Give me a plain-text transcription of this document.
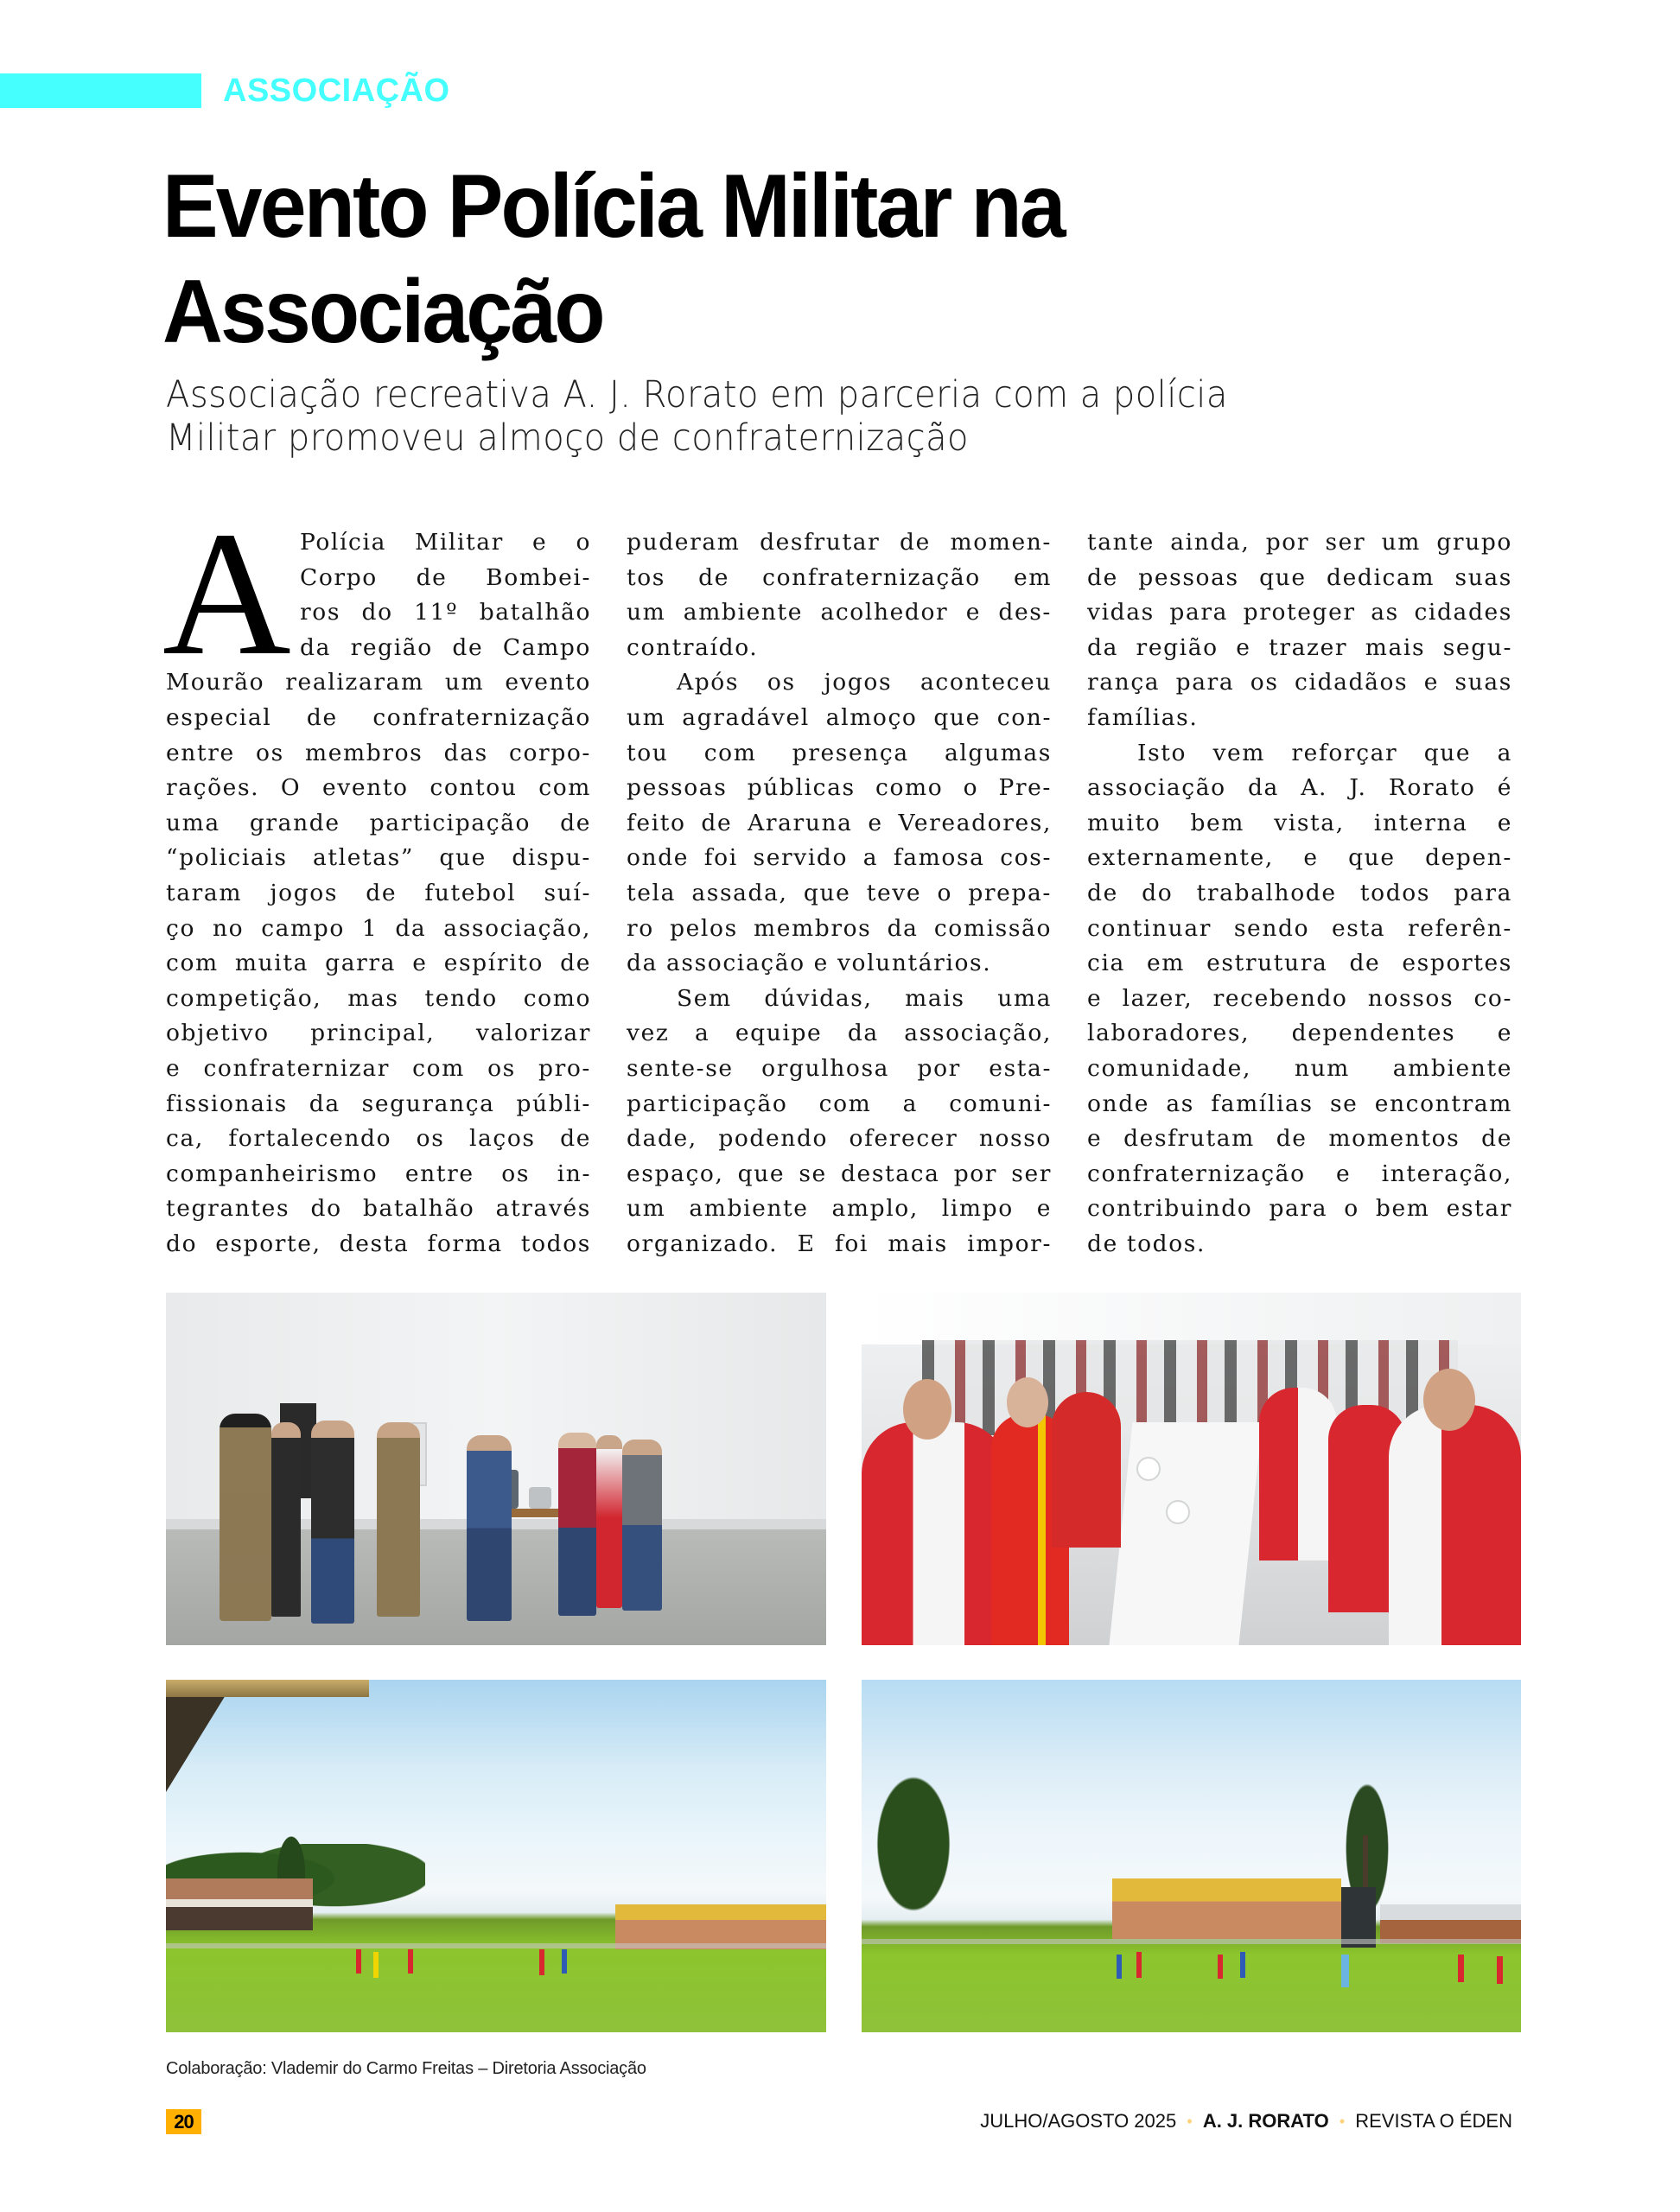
ASSOCIAÇÃO
Evento Polícia Militar na
Associação
Associação recreativa A. J. Rorato em parceria com a polícia
Militar promoveu almoço de confraternização
A Polícia Militar e o
Corpo de Bombei-
ros do 11º batalhão
da região de Campo
Mourão realizaram um evento
especial de confraternização
entre os membros das corpo-
rações. O evento contou com
uma grande participação de
“policiais atletas” que dispu-
taram jogos de futebol suí-
ço no campo 1 da associação,
com muita garra e espírito de
competição, mas tendo como
objetivo principal, valorizar
e confraternizar com os pro-
fissionais da segurança públi-
ca, fortalecendo os laços de
companheirismo entre os in-
tegrantes do batalhão através
do esporte, desta forma todos
puderam desfrutar de momen-
tos de confraternização em
um ambiente acolhedor e des-
contraído.
Após os jogos aconteceu
um agradável almoço que con-
tou com presença algumas
pessoas públicas como o Pre-
feito de Araruna e Vereadores,
onde foi servido a famosa cos-
tela assada, que teve o prepa-
ro pelos membros da comissão
da associação e voluntários.
Sem dúvidas, mais uma
vez a equipe da associação,
sente-se orgulhosa por esta-
participação com a comuni-
dade, podendo oferecer nosso
espaço, que se destaca por ser
um ambiente amplo, limpo e
organizado. E foi mais impor-
tante ainda, por ser um grupo
de pessoas que dedicam suas
vidas para proteger as cidades
da região e trazer mais segu-
rança para os cidadãos e suas
famílias.
Isto vem reforçar que a
associação da A. J. Rorato é
muito bem vista, interna e
externamente, e que depen-
de do trabalhode todos para
continuar sendo esta referên-
cia em estrutura de esportes
e lazer, recebendo nossos co-
laboradores, dependentes e
comunidade, num ambiente
onde as famílias se encontram
e desfrutam de momentos de
confraternização e interação,
contribuindo para o bem estar
de todos.
Colaboração: Vlademir do Carmo Freitas – Diretoria Associação
20	JULHO/AGOSTO 2025 • A. J. RORATO • REVISTA O ÉDEN
